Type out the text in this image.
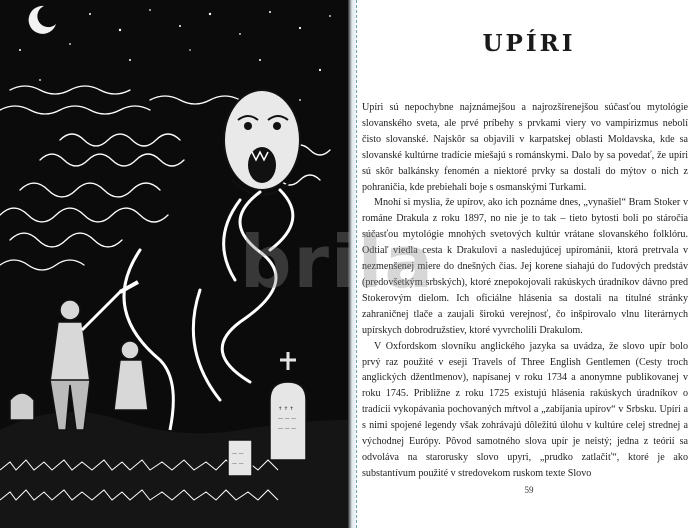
✝ ✝ ✝
— — —
— — —
— —
— —
UPÍRI

Upíri sú nepochybne najznámejšou a najrozšírenejšou súčasťou mytológie slovanského sveta, ale prvé príbehy s prvkami viery vo vampirizmus nebolí čisto slovanské. Najskôr sa objavili v karpatskej oblasti Moldavska, kde sa slovanské kultúrne tradície miešajú s románskymi. Dalo by sa povedať, že upíri sú skôr balkánsky fenomén a niektoré prvky sa dostali do mýtov o nich z pohraničia, kde prebiehali boje s osmanskými Turkami.

Mnohí si myslia, že upírov, ako ich poznáme dnes, „vynašiel“ Bram Stoker v románe Drakula z roku 1897, no nie je to tak – tieto bytosti boli po stáročia súčasťou mytológie mnohých svetových kultúr vrátane slovanského folklóru. Odtiaľ viedla cesta k Drakulovi a nasledujúcej upírománii, ktorá pretrvala v nezmenšenej miere do dnešných čias. Jej korene siahajú do ľudových predstáv (predovšetkým srbských), ktoré znepokojovali rakúskych úradníkov dávno pred Stokerovým dielom. Ich oficiálne hlásenia sa dostali na titulné stránky zahraničnej tlače a zaujali širokú verejnosť, čo inšpirovalo vlnu literárnych upírskych dobrodružstiev, ktoré vyvrcholili Drakulom.

V Oxfordskom slovníku anglického jazyka sa uvádza, že slovo upír bolo prvý raz použité v eseji Travels of Three English Gentlemen (Cesty troch anglických džentlmenov), napísanej v roku 1734 a anonymne publikovanej v roku 1745. Približne z roku 1725 existujú hlásenia rakúskych úradníkov o tradícii vykopávania pochovaných mŕtvol a „zabíjania upírov“ v Srbsku. Upíri a s nimi spojené legendy však zohrávajú dôležitú úlohu v kultúre celej strednej a východnej Európy. Pôvod samotného slova upír je neistý; jedna z teórií sa odvoláva na starorusky slovo upyri, „prudko zatlačiť“, ktoré je ako substantívum použité v stredovekom ruskom texte Slovo

59
brila
